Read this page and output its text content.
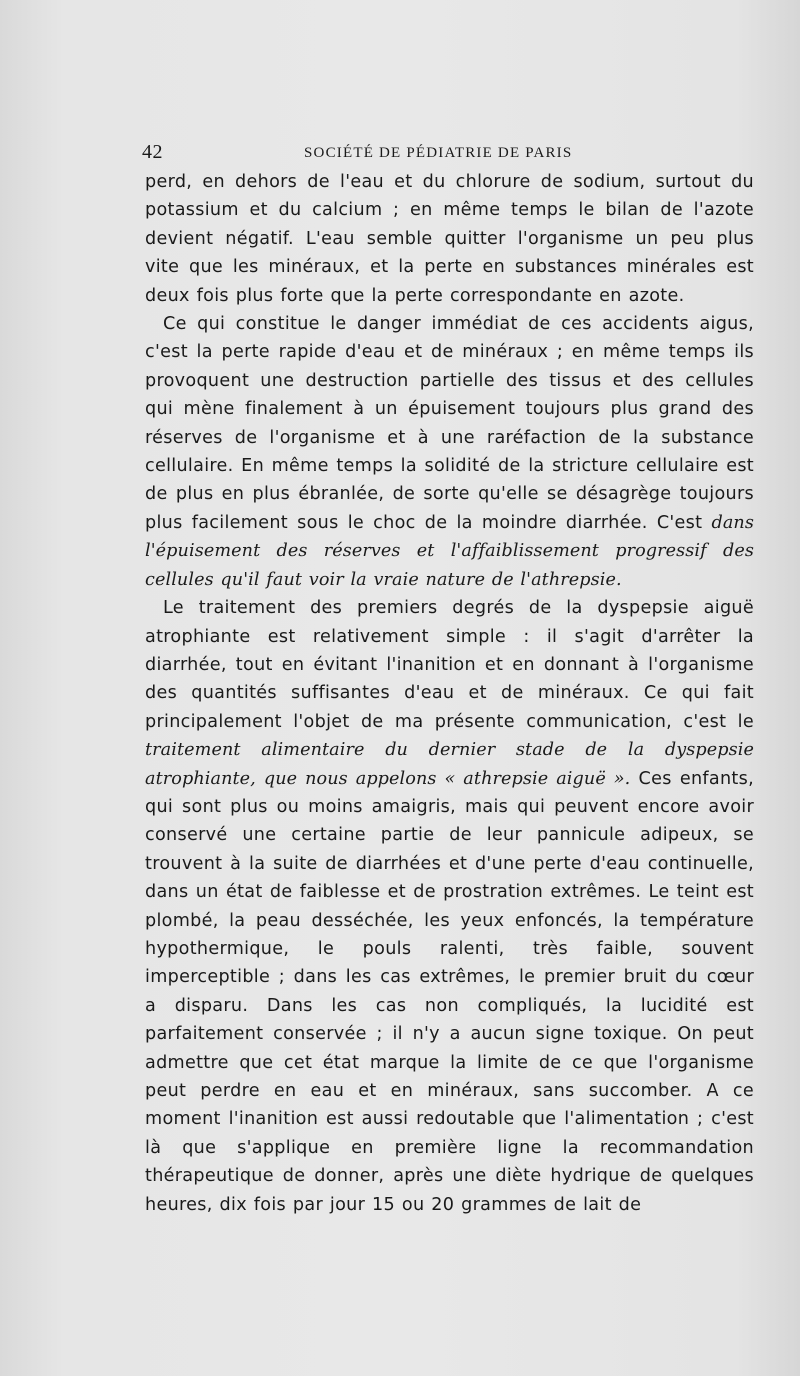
42	SOCIÉTÉ DE PÉDIATRIE DE PARIS

perd, en dehors de l'eau et du chlorure de sodium, surtout du potassium et du calcium ; en même temps le bilan de l'azote devient négatif. L'eau semble quitter l'organisme un peu plus vite que les minéraux, et la perte en substances minérales est deux fois plus forte que la perte correspondante en azote.

Ce qui constitue le danger immédiat de ces accidents aigus, c'est la perte rapide d'eau et de minéraux ; en même temps ils provoquent une destruction partielle des tissus et des cellules qui mène finalement à un épuisement toujours plus grand des réserves de l'organisme et à une raréfaction de la substance cellulaire. En même temps la solidité de la stricture cellulaire est de plus en plus ébranlée, de sorte qu'elle se désagrège toujours plus facilement sous le choc de la moindre diarrhée. C'est dans l'épuisement des réserves et l'affaiblissement progressif des cellules qu'il faut voir la vraie nature de l'athrepsie.

Le traitement des premiers degrés de la dyspepsie aiguë atrophiante est relativement simple : il s'agit d'arrêter la diarrhée, tout en évitant l'inanition et en donnant à l'organisme des quantités suffisantes d'eau et de minéraux. Ce qui fait principalement l'objet de ma présente communication, c'est le traitement alimentaire du dernier stade de la dyspepsie atrophiante, que nous appelons « athrepsie aiguë ». Ces enfants, qui sont plus ou moins amaigris, mais qui peuvent encore avoir conservé une certaine partie de leur pannicule adipeux, se trouvent à la suite de diarrhées et d'une perte d'eau continuelle, dans un état de faiblesse et de prostration extrêmes. Le teint est plombé, la peau desséchée, les yeux enfoncés, la température hypothermique, le pouls ralenti, très faible, souvent imperceptible ; dans les cas extrêmes, le premier bruit du cœur a disparu. Dans les cas non compliqués, la lucidité est parfaitement conservée ; il n'y a aucun signe toxique. On peut admettre que cet état marque la limite de ce que l'organisme peut perdre en eau et en minéraux, sans succomber. A ce moment l'inanition est aussi redoutable que l'alimentation ; c'est là que s'applique en première ligne la recommandation thérapeutique de donner, après une diète hydrique de quelques heures, dix fois par jour 15 ou 20 grammes de lait de
